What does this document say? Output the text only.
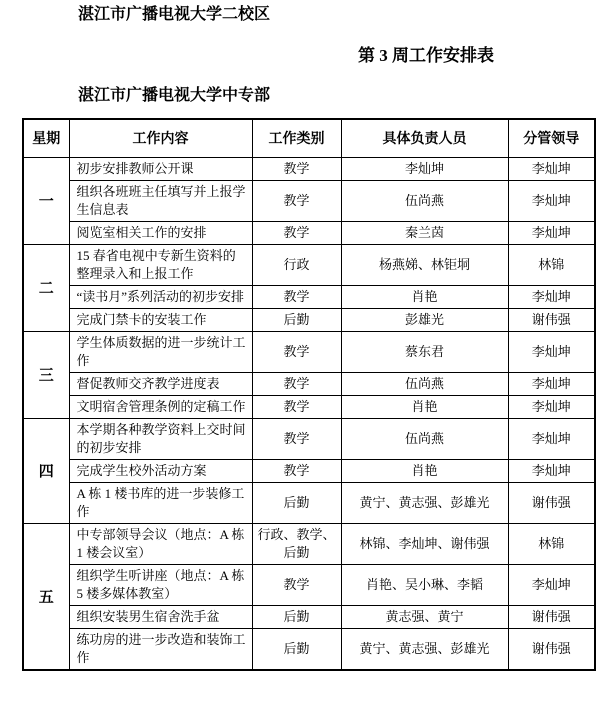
湛江市广播电视大学二校区
第 3 周工作安排表
湛江市广播电视大学中专部
星期	工作内容	工作类别	具体负责人员	分管领导
一	初步安排教师公开课	教学	李灿坤	李灿坤
	组织各班班主任填写并上报学生信息表	教学	伍尚燕	李灿坤
	阅览室相关工作的安排	教学	秦兰茵	李灿坤
二	15 春省电视中专新生资料的整理录入和上报工作	行政	杨燕娣、林钜垌	林锦
	“读书月”系列活动的初步安排	教学	肖艳	李灿坤
	完成门禁卡的安装工作	后勤	彭雄光	谢伟强
三	学生体质数据的进一步统计工作	教学	蔡东君	李灿坤
	督促教师交齐教学进度表	教学	伍尚燕	李灿坤
	文明宿舍管理条例的定稿工作	教学	肖艳	李灿坤
四	本学期各种教学资料上交时间的初步安排	教学	伍尚燕	李灿坤
	完成学生校外活动方案	教学	肖艳	李灿坤
	A 栋 1 楼书库的进一步装修工作	后勤	黄宁、黄志强、彭雄光	谢伟强
五	中专部领导会议（地点：A 栋 1 楼会议室）	行政、教学、后勤	林锦、李灿坤、谢伟强	林锦
	组织学生听讲座（地点：A 栋 5 楼多媒体教室）	教学	肖艳、吴小琳、李韬	李灿坤
	组织安装男生宿舍洗手盆	后勤	黄志强、黄宁	谢伟强
	练功房的进一步改造和装饰工作	后勤	黄宁、黄志强、彭雄光	谢伟强
